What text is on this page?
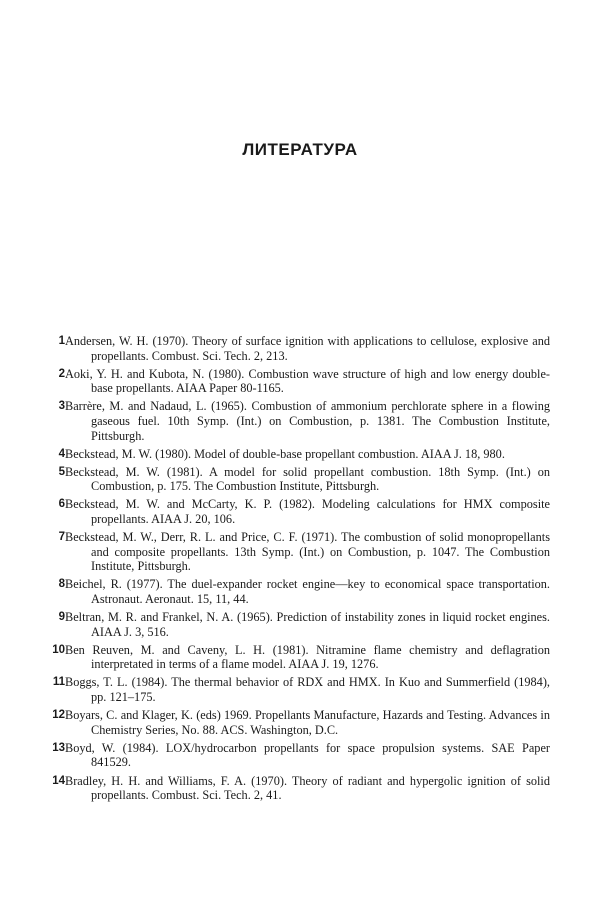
ЛИТЕРАТУРА
1 Andersen, W. H. (1970). Theory of surface ignition with applications to cellulose, explosive and propellants. Combust. Sci. Tech. 2, 213.
2 Aoki, Y. H. and Kubota, N. (1980). Combustion wave structure of high and low energy double-base propellants. AIAA Paper 80-1165.
3 Barrère, M. and Nadaud, L. (1965). Combustion of ammonium perchlorate sphere in a flowing gaseous fuel. 10th Symp. (Int.) on Combustion, p. 1381. The Combustion Institute, Pittsburgh.
4 Beckstead, M. W. (1980). Model of double-base propellant combustion. AIAA J. 18, 980.
5 Beckstead, M. W. (1981). A model for solid propellant combustion. 18th Symp. (Int.) on Combustion, p. 175. The Combustion Institute, Pittsburgh.
6 Beckstead, M. W. and McCarty, K. P. (1982). Modeling calculations for HMX composite propellants. AIAA J. 20, 106.
7 Beckstead, M. W., Derr, R. L. and Price, C. F. (1971). The combustion of solid monopropellants and composite propellants. 13th Symp. (Int.) on Combustion, p. 1047. The Combustion Institute, Pittsburgh.
8 Beichel, R. (1977). The duel-expander rocket engine—key to economical space transportation. Astronaut. Aeronaut. 15, 11, 44.
9 Beltran, M. R. and Frankel, N. A. (1965). Prediction of instability zones in liquid rocket engines. AIAA J. 3, 516.
10 Ben Reuven, M. and Caveny, L. H. (1981). Nitramine flame chemistry and deflagration interpretated in terms of a flame model. AIAA J. 19, 1276.
11 Boggs, T. L. (1984). The thermal behavior of RDX and HMX. In Kuo and Summerfield (1984), pp. 121–175.
12 Boyars, C. and Klager, K. (eds) 1969. Propellants Manufacture, Hazards and Testing. Advances in Chemistry Series, No. 88. ACS. Washington, D.C.
13 Boyd, W. (1984). LOX/hydrocarbon propellants for space propulsion systems. SAE Paper 841529.
14 Bradley, H. H. and Williams, F. A. (1970). Theory of radiant and hypergolic ignition of solid propellants. Combust. Sci. Tech. 2, 41.
